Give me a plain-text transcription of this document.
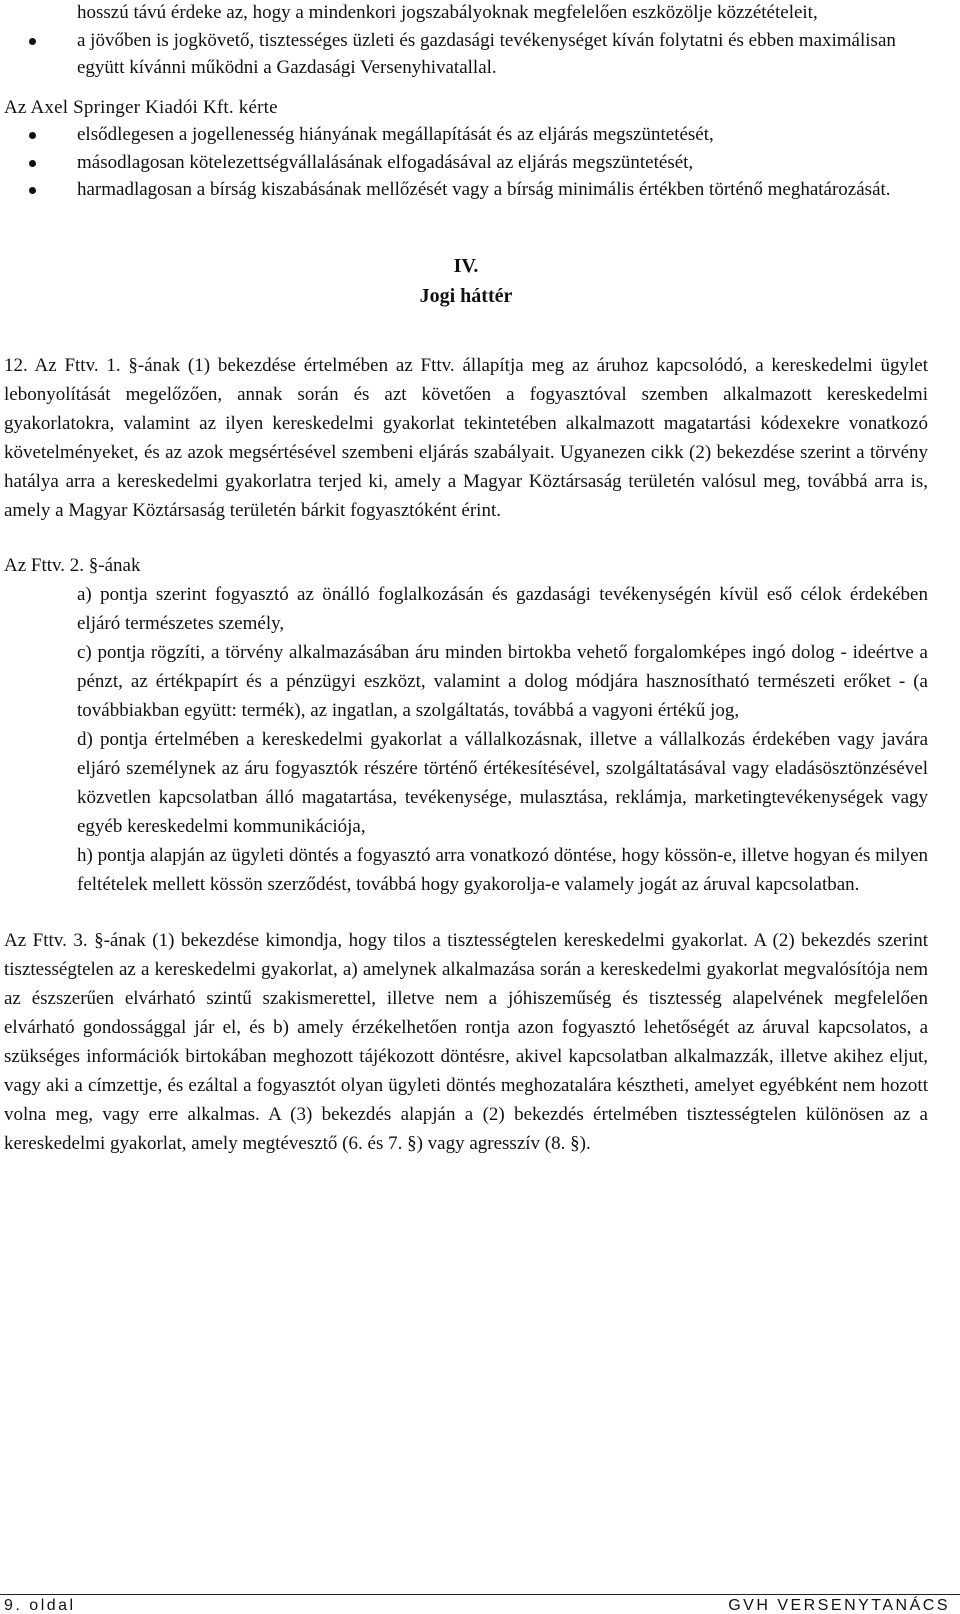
hosszú távú érdeke az, hogy a mindenkori jogszabályoknak megfelelően eszközölje közzétételeit,

a jövőben is jogkövető, tisztességes üzleti és gazdasági tevékenységet kíván folytatni és ebben maximálisan együtt kívánni működni a Gazdasági Versenyhivatallal.

Az Axel Springer Kiadói Kft. kérte

elsődlegesen a jogellenesség hiányának megállapítását és az eljárás megszüntetését,
másodlagosan kötelezettségvállalásának elfogadásával az eljárás megszüntetését,
harmadlagosan a bírság kiszabásának mellőzését vagy a bírság minimális értékben történő meghatározását.
IV.
Jogi háttér

12. Az Fttv. 1. §-ának (1) bekezdése értelmében az Fttv. állapítja meg az áruhoz kapcsolódó, a kereskedelmi ügylet lebonyolítását megelőzően, annak során és azt követően a fogyasztóval szemben alkalmazott kereskedelmi gyakorlatokra, valamint az ilyen kereskedelmi gyakorlat tekintetében alkalmazott magatartási kódexekre vonatkozó követelményeket, és az azok megsértésével szembeni eljárás szabályait. Ugyanezen cikk (2) bekezdése szerint a törvény hatálya arra a kereskedelmi gyakorlatra terjed ki, amely a Magyar Köztársaság területén valósul meg, továbbá arra is, amely a Magyar Köztársaság területén bárkit fogyasztóként érint.

Az Fttv. 2. §-ának

a) pontja szerint fogyasztó az önálló foglalkozásán és gazdasági tevékenységén kívül eső célok érdekében eljáró természetes személy,

c) pontja rögzíti, a törvény alkalmazásában áru minden birtokba vehető forgalomképes ingó dolog - ideértve a pénzt, az értékpapírt és a pénzügyi eszközt, valamint a dolog módjára hasznosítható természeti erőket - (a továbbiakban együtt: termék), az ingatlan, a szolgáltatás, továbbá a vagyoni értékű jog,

d) pontja értelmében a kereskedelmi gyakorlat a vállalkozásnak, illetve a vállalkozás érdekében vagy javára eljáró személynek az áru fogyasztók részére történő értékesítésével, szolgáltatásával vagy eladásösztönzésével közvetlen kapcsolatban álló magatartása, tevékenysége, mulasztása, reklámja, marketingtevékenységek vagy egyéb kereskedelmi kommunikációja,

h) pontja alapján az ügyleti döntés a fogyasztó arra vonatkozó döntése, hogy kössön-e, illetve hogyan és milyen feltételek mellett kössön szerződést, továbbá hogy gyakorolja-e valamely jogát az áruval kapcsolatban.

Az Fttv. 3. §-ának (1) bekezdése kimondja, hogy tilos a tisztességtelen kereskedelmi gyakorlat. A (2) bekezdés szerint tisztességtelen az a kereskedelmi gyakorlat, a) amelynek alkalmazása során a kereskedelmi gyakorlat megvalósítója nem az észszerűen elvárható szintű szakismerettel, illetve nem a jóhiszeműség és tisztesség alapelvének megfelelően elvárható gondossággal jár el, és b) amely érzékelhetően rontja azon fogyasztó lehetőségét az áruval kapcsolatos, a szükséges információk birtokában meghozott tájékozott döntésre, akivel kapcsolatban alkalmazzák, illetve akihez eljut, vagy aki a címzettje, és ezáltal a fogyasztót olyan ügyleti döntés meghozatalára késztheti, amelyet egyébként nem hozott volna meg, vagy erre alkalmas. A (3) bekezdés alapján a (2) bekezdés értelmében tisztességtelen különösen az a kereskedelmi gyakorlat, amely megtévesztő (6. és 7. §) vagy agresszív (8. §).

9. oldal	GVH VERSENYTANÁCS
